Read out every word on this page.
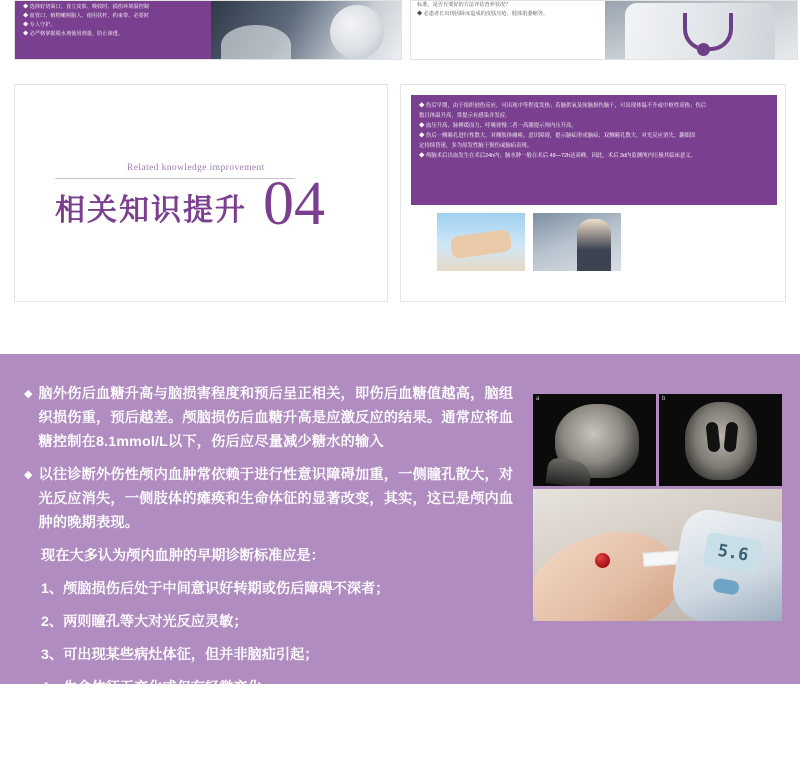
◆ 选择好切面口，直立皮肤、吸收时、损伤环境温控制
◆ 血管口、植物嫩树脂人、使用扶杆、约束带、必要时
◆ 专人守护。
◆ 必严格掌握脱水剂使用剂量，防止渗透。
标准，是否有要好的方法评估营养状况？
◆ 必患者长出现因卧床造成的皮肤压疮、肢体肌萎缩等。
Related knowledge improvement
相关知识提升 04
◆ 伤后早期，由于组织创伤反应，可出现中等程度发热；若脑供氧及间脑损伤脑干，可出现体温不升或中枢性高热；伤后
数日体温升高，常提示有感染并发症。
◆ 血压升高、脉搏缓而力、呼吸徐慢二者一高潮提示颅内压升高。
◆ 伤后一侧瞳孔进行性散大，对侧肢体瘫痪、意识障碍，提示脑疝形成脑疝；双侧瞳孔散大，对光反应消失、翻眼固
定持续昏迷，多为原发性脑干损伤或脑疝表现。
◆ 颅脑术后出血发生在术后24h内；脑水肿一般在术后 48—72h达高峰。因此，术后 3d内监测颅内压极其临床意义。
◆ 脑外伤后血糖升高与脑损害程度和预后呈正相关，即伤后血糖值越高，脑组织损伤重，预后越差。颅脑损伤后血糖升高是应激反应的结果。通常应将血糖控制在8.1mmol/L以下，伤后应尽量减少糖水的输入
◆ 以往诊断外伤性颅内血肿常依赖于进行性意识障碍加重，一侧瞳孔散大，对光反应消失，一侧肢体的瘫痪和生命体征的显著改变，其实，这已是颅内血肿的晚期表现。
现在大多认为颅内血肿的早期诊断标准应是：
1、颅脑损伤后处于中间意识好转期或伤后障碍不深者；
2、两则瞳孔等大对光反应灵敏；
3、可出现某些病灶体征，但并非脑疝引起；
a	b
5.6
